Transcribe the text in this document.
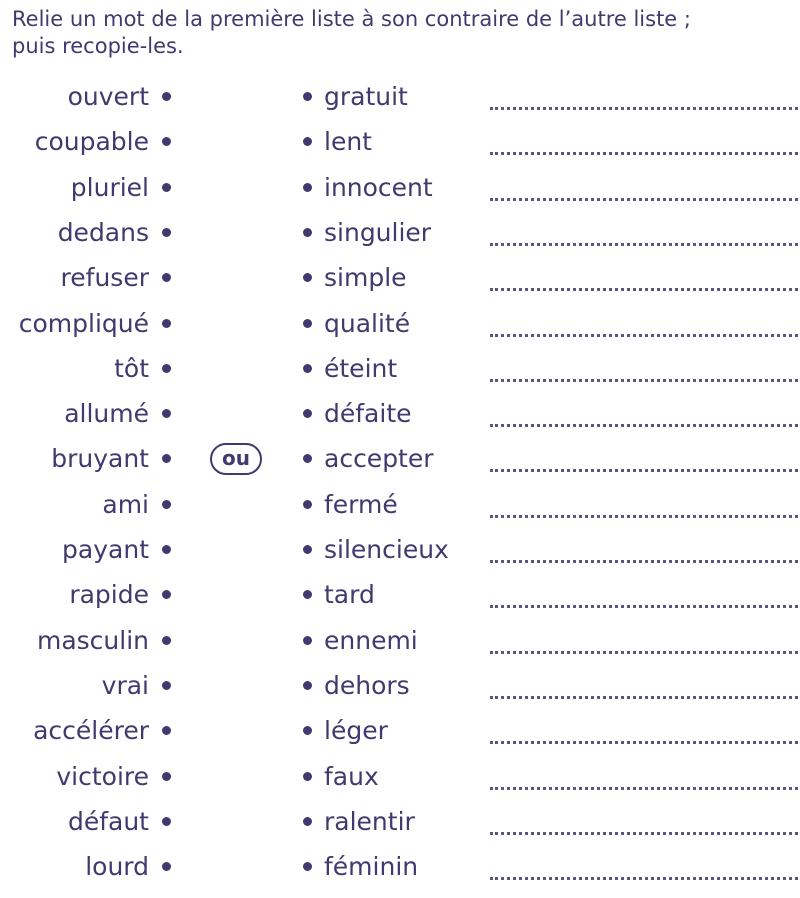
Relie un mot de la première liste à son contraire de l’autre liste ;
puis recopie-les.
ou
ouvert	gratuit
coupable	lent
pluriel	innocent
dedans	singulier
refuser	simple
compliqué	qualité
tôt	éteint
allumé	défaite
bruyant	accepter
ami	fermé
payant	silencieux
rapide	tard
masculin	ennemi
vrai	dehors
accélérer	léger
victoire	faux
défaut	ralentir
lourd	féminin
